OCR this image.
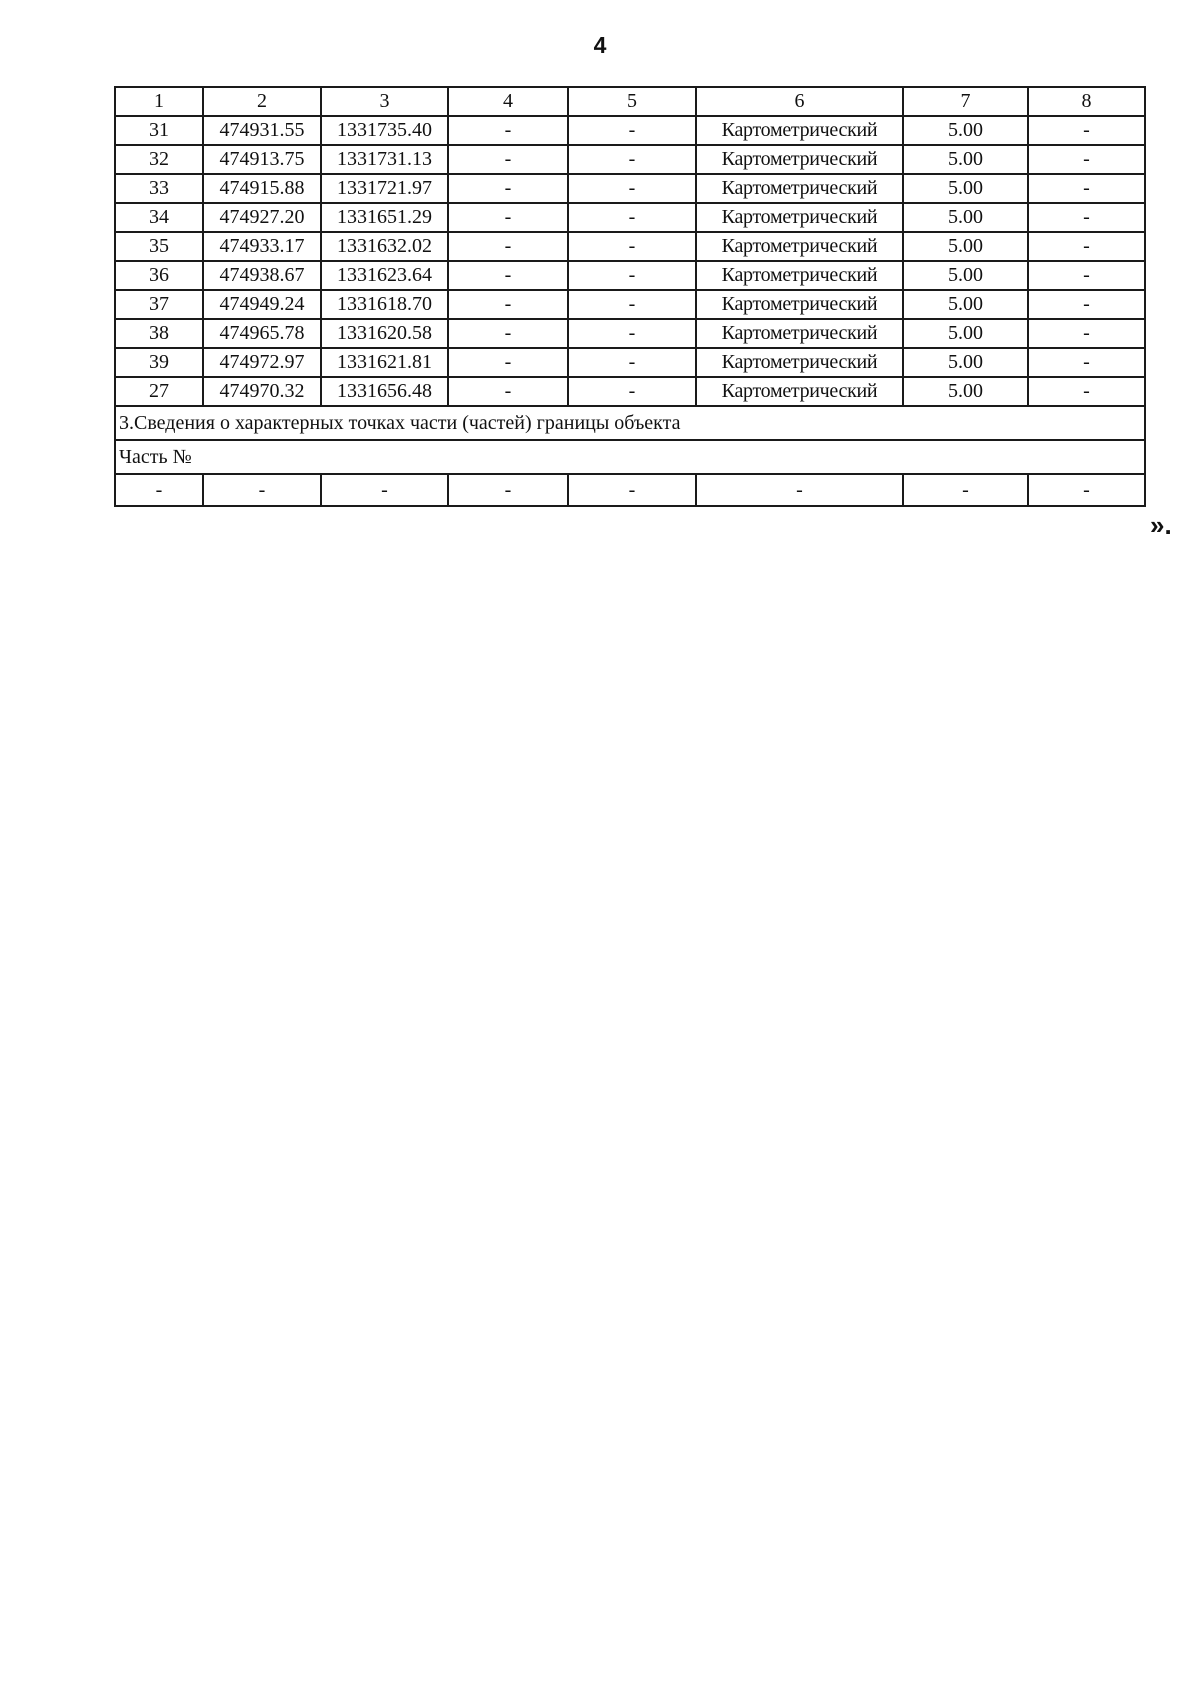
4
1	2	3	4	5	6	7	8
31	474931.55	1331735.40	-	-	Картометрический	5.00	-
32	474913.75	1331731.13	-	-	Картометрический	5.00	-
33	474915.88	1331721.97	-	-	Картометрический	5.00	-
34	474927.20	1331651.29	-	-	Картометрический	5.00	-
35	474933.17	1331632.02	-	-	Картометрический	5.00	-
36	474938.67	1331623.64	-	-	Картометрический	5.00	-
37	474949.24	1331618.70	-	-	Картометрический	5.00	-
38	474965.78	1331620.58	-	-	Картометрический	5.00	-
39	474972.97	1331621.81	-	-	Картометрический	5.00	-
27	474970.32	1331656.48	-	-	Картометрический	5.00	-
3.Сведения о характерных точках части (частей) границы объекта							
Часть №							
-	-	-	-	-	-	-	-
».
